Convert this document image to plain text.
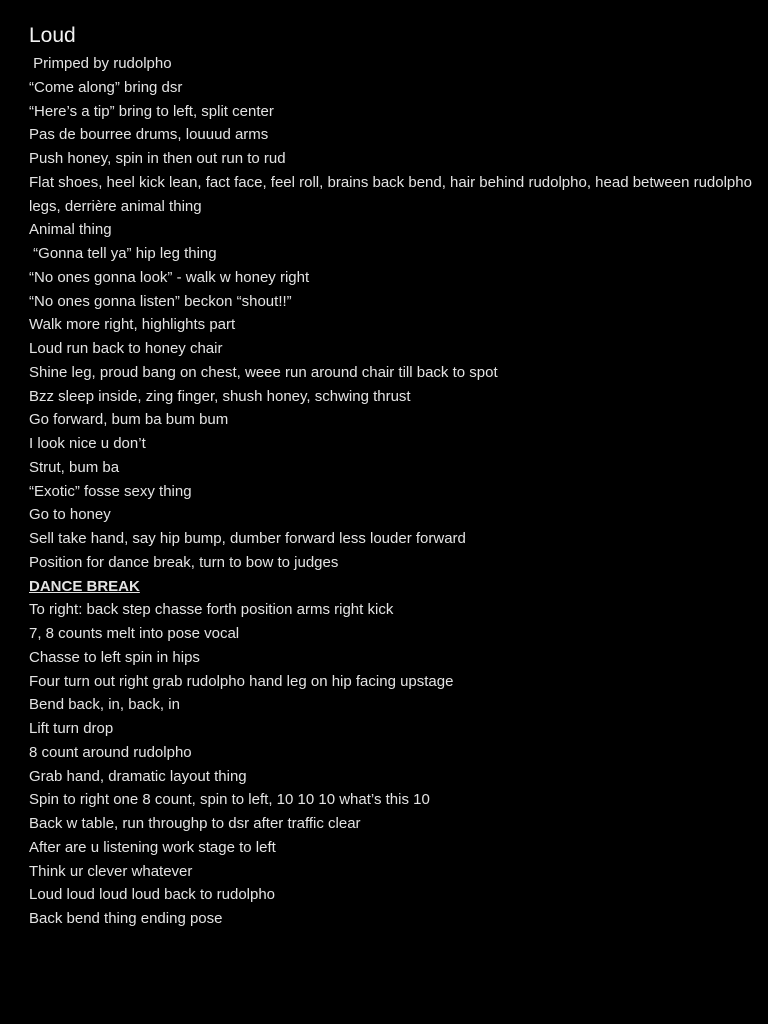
Loud
Primped by rudolpho
“Come along” bring dsr
“Here’s a tip” bring to left, split center
Pas de bourree drums, louuud arms
Push honey, spin in then out run to rud
Flat shoes, heel kick lean, fact face, feel roll, brains back bend, hair behind rudolpho, head between rudolpho legs, derrière animal thing
Animal thing
“Gonna tell ya” hip leg thing
“No ones gonna look” - walk w honey right
“No ones gonna listen” beckon “shout!!”
Walk more right, highlights part
Loud run back to honey chair
Shine leg, proud bang on chest, weee run around chair till back to spot
Bzz sleep inside, zing finger, shush honey, schwing thrust
Go forward, bum ba bum bum
I look nice u don’t
Strut, bum ba
“Exotic” fosse sexy thing
Go to honey
Sell take hand, say hip bump, dumber forward less louder forward
Position for dance break, turn to bow to judges
DANCE BREAK
To right: back step chasse forth position arms right kick
7, 8 counts melt into pose vocal
Chasse to left spin in hips
Four turn out right grab rudolpho hand leg on hip facing upstage
Bend back, in, back, in
Lift turn drop
8 count around rudolpho
Grab hand, dramatic layout thing
Spin to right one 8 count, spin to left, 10 10 10 what’s this 10
Back w table, run throughp to dsr after traffic clear
After are u listening work stage to left
Think ur clever whatever
Loud loud loud loud back to rudolpho
Back bend thing ending pose
